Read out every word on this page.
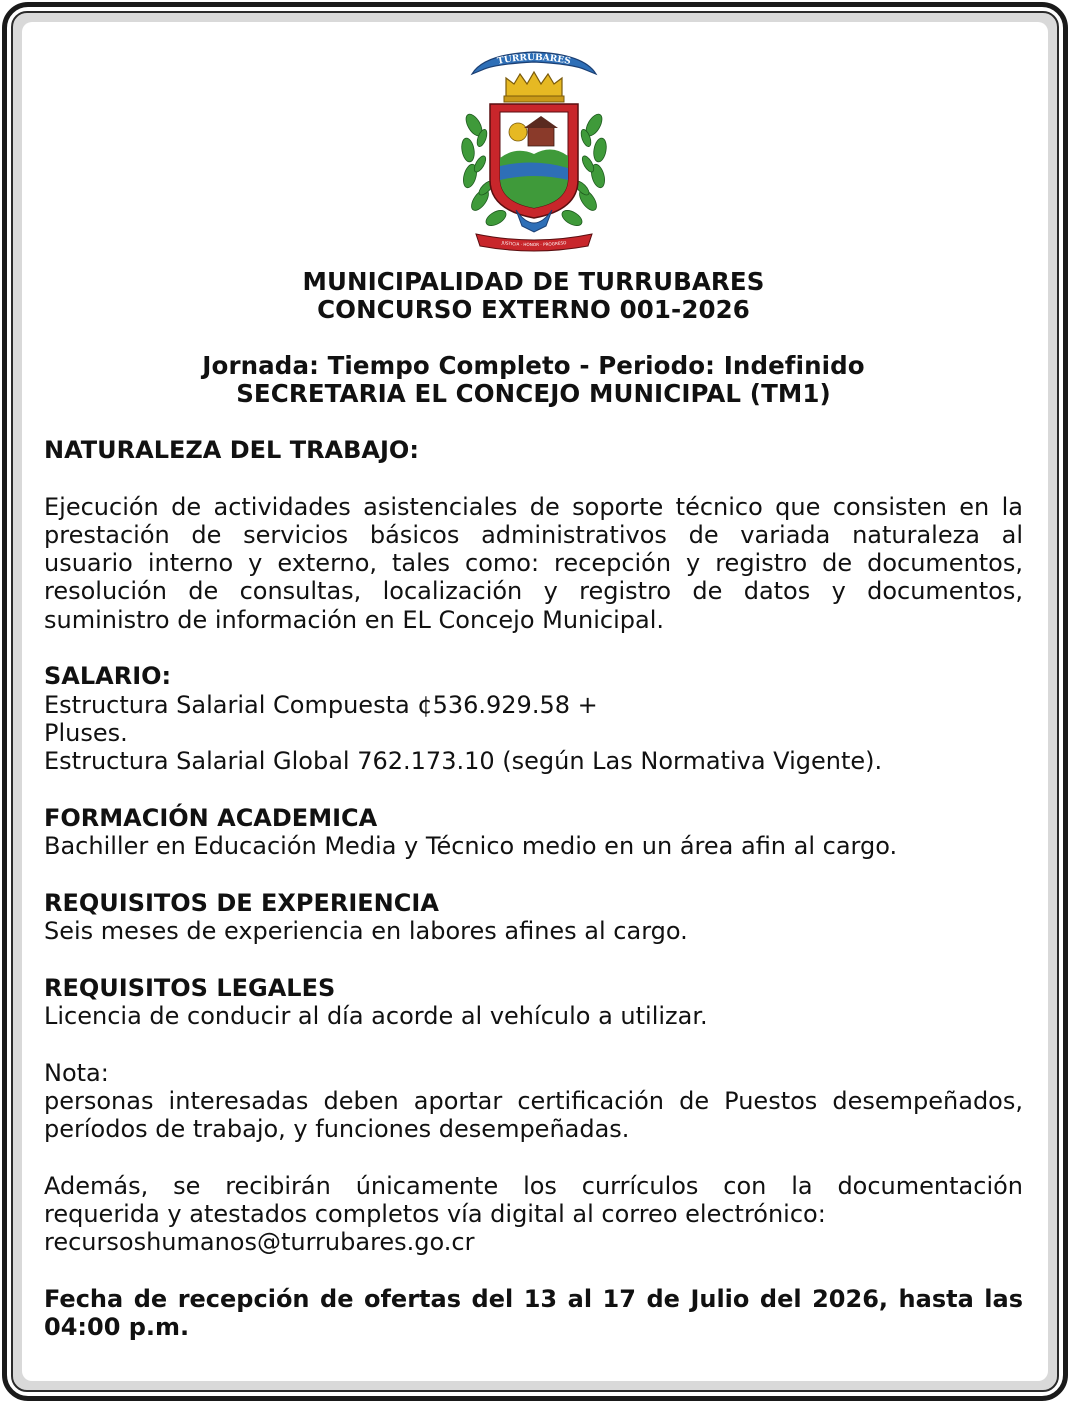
TURRUBARES
JUSTICIA · HONOR · PROGRESO

MUNICIPALIDAD DE TURRUBARES

CONCURSO EXTERNO 001-2026

Jornada: Tiempo Completo - Periodo: Indefinido

SECRETARIA EL CONCEJO MUNICIPAL (TM1)

NATURALEZA DEL TRABAJO:

Ejecución de actividades asistenciales de soporte técnico que consisten en la

prestación de servicios básicos administrativos de variada naturaleza al

usuario interno y externo, tales como: recepción y registro de documentos,

resolución de consultas, localización y registro de datos y documentos,

suministro de información en EL Concejo Municipal.

SALARIO:

Estructura Salarial Compuesta ¢536.929.58 +

Pluses.

Estructura Salarial Global 762.173.10 (según Las Normativa Vigente).

FORMACIÓN ACADEMICA

Bachiller en Educación Media y Técnico medio en un área afin al cargo.

REQUISITOS DE EXPERIENCIA

Seis meses de experiencia en labores afines al cargo.

REQUISITOS LEGALES

Licencia de conducir al día acorde al vehículo a utilizar.

Nota:

personas interesadas deben aportar certificación de Puestos desempeñados,

períodos de trabajo, y funciones desempeñadas.

Además, se recibirán únicamente los currículos con la documentación

requerida y atestados completos vía digital al correo electrónico:

recursoshumanos@turrubares.go.cr

Fecha de recepción de ofertas del 13 al 17 de Julio del 2026, hasta las

04:00 p.m.
